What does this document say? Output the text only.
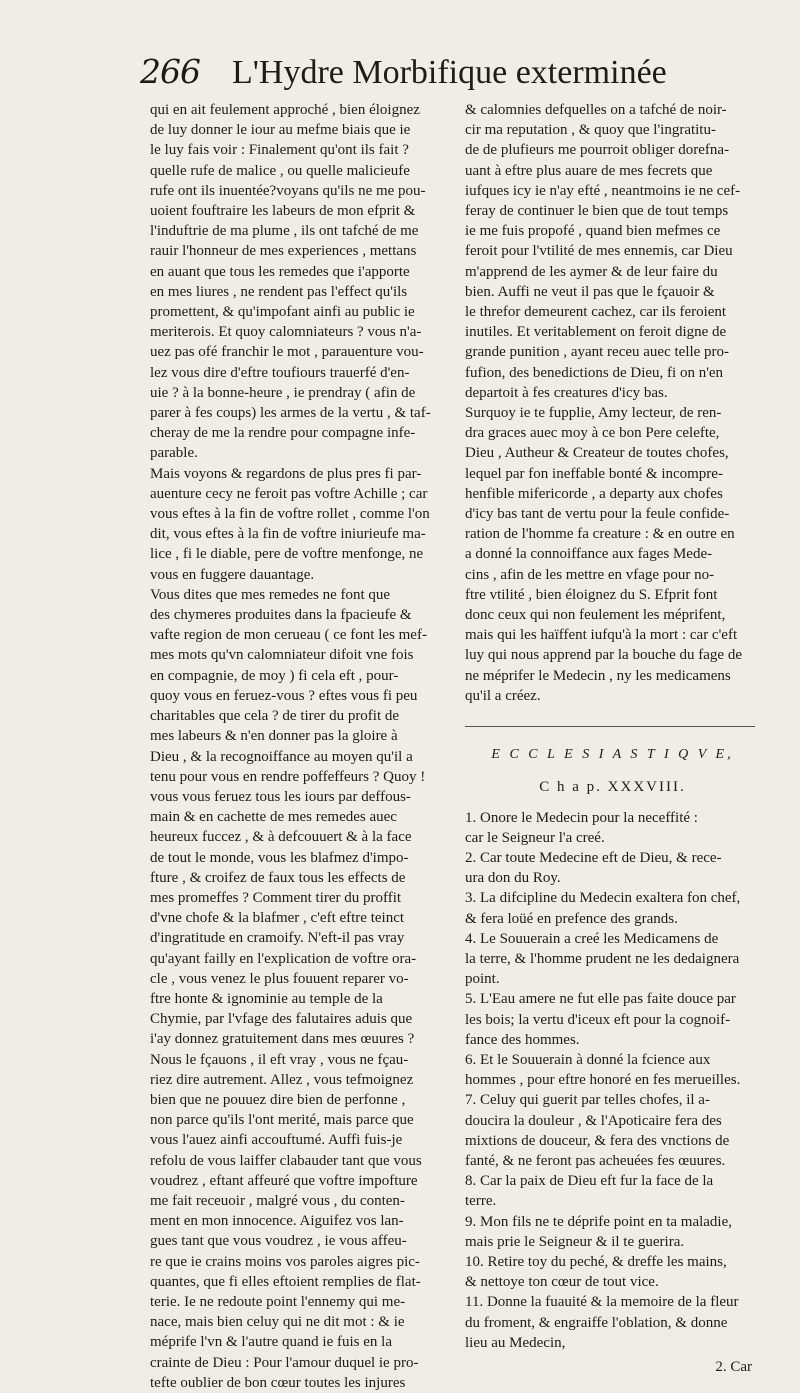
266 L'Hydre Morbifique exterminée
qui en ait feulement approché , bien éloignez
de luy donner le iour au mefme biais que ie
le luy fais voir : Finalement qu'ont ils fait ?
quelle rufe de malice , ou quelle malicieufe
rufe ont ils inuentée?voyans qu'ils ne me pou-
uoient fouftraire les labeurs de mon efprit &
l'induftrie de ma plume , ils ont tafché de me
rauir l'honneur de mes experiences , mettans
en auant que tous les remedes que i'apporte
en mes liures , ne rendent pas l'effect qu'ils
promettent, & qu'impofant ainfi au public ie
meriterois. Et quoy calomniateurs ? vous n'a-
uez pas ofé franchir le mot , parauenture vou-
lez vous dire d'eftre toufiours trauerfé d'en-
uie ? à la bonne-heure , ie prendray ( afin de
parer à fes coups) les armes de la vertu , & taf-
cheray de me la rendre pour compagne infe-
parable.
Mais voyons & regardons de plus pres fi par-
auenture cecy ne feroit pas voftre Achille ; car
vous eftes à la fin de voftre rollet , comme l'on
dit, vous eftes à la fin de voftre iniurieufe ma-
lice , fi le diable, pere de voftre menfonge, ne
vous en fuggere dauantage.
Vous dites que mes remedes ne font que
des chymeres produites dans la fpacieufe &
vafte region de mon cerueau ( ce font les mef-
mes mots qu'vn calomniateur difoit vne fois
en compagnie, de moy ) fi cela eft , pour-
quoy vous en feruez-vous ? eftes vous fi peu
charitables que cela ? de tirer du profit de
mes labeurs & n'en donner pas la gloire à
Dieu , & la recognoiffance au moyen qu'il a
tenu pour vous en rendre poffeffeurs ? Quoy !
vous vous feruez tous les iours par deffous-
main & en cachette de mes remedes auec
heureux fuccez , & à defcouuert & à la face
de tout le monde, vous les blafmez d'impo-
fture , & croifez de faux tous les effects de
mes promeffes ? Comment tirer du proffit
d'vne chofe & la blafmer , c'eft eftre teinct
d'ingratitude en cramoify. N'eft-il pas vray
qu'ayant failly en l'explication de voftre ora-
cle , vous venez le plus fouuent reparer vo-
ftre honte & ignominie au temple de la
Chymie, par l'vfage des falutaires aduis que
i'ay donnez gratuitement dans mes œuures ?
Nous le fçauons , il eft vray , vous ne fçau-
riez dire autrement. Allez , vous tefmoignez
bien que ne pouuez dire bien de perfonne ,
non parce qu'ils l'ont merité, mais parce que
vous l'auez ainfi accouftumé. Auffi fuis-je
refolu de vous laiffer clabauder tant que vous
voudrez , eftant affeuré que voftre impofture
me fait receuoir , malgré vous , du conten-
ment en mon innocence. Aiguifez vos lan-
gues tant que vous voudrez , ie vous affeu-
re que ie crains moins vos paroles aigres pic-
quantes, que fi elles eftoient remplies de flat-
terie. Ie ne redoute point l'ennemy qui me-
nace, mais bien celuy qui ne dit mot : & ie
méprife l'vn & l'autre quand ie fuis en la
crainte de Dieu : Pour l'amour duquel ie pro-
tefte oublier de bon cœur toutes les injures
& calomnies defquelles on a tafché de noir-
cir ma reputation , & quoy que l'ingratitu-
de de plufieurs me pourroit obliger dorefna-
uant à eftre plus auare de mes fecrets que
iufques icy ie n'ay efté , neantmoins ie ne cef-
feray de continuer le bien que de tout temps
ie me fuis propofé , quand bien mefmes ce
feroit pour l'vtilité de mes ennemis, car Dieu
m'apprend de les aymer & de leur faire du
bien. Auffi ne veut il pas que le fçauoir &
le threfor demeurent cachez, car ils feroient
inutiles. Et veritablement on feroit digne de
grande punition , ayant receu auec telle pro-
fufion, des benedictions de Dieu, fi on n'en
departoit à fes creatures d'icy bas.
Surquoy ie te fupplie, Amy lecteur, de ren-
dra graces auec moy à ce bon Pere celefte,
Dieu , Autheur & Createur de toutes chofes,
lequel par fon ineffable bonté & incompre-
henfible mifericorde , a departy aux chofes
d'icy bas tant de vertu pour la feule confide-
ration de l'homme fa creature : & en outre en
a donné la connoiffance aux fages Mede-
cins , afin de les mettre en vfage pour no-
ftre vtilité , bien éloignez du S. Efprit font
donc ceux qui non feulement les méprifent,
mais qui les haïffent iufqu'à la mort : car c'eft
luy qui nous apprend par la bouche du fage de
ne méprifer le Medecin , ny les medicamens
qu'il a créez.
E C C L E S I A S T I Q V E,
C h a p. XXXVIII.
1. Onore le Medecin pour la neceffité :
car le Seigneur l'a creé.
2. Car toute Medecine eft de Dieu, & rece-
ura don du Roy.
3. La difcipline du Medecin exaltera fon chef,
& fera loüé en prefence des grands.
4. Le Souuerain a creé les Medicamens de
la terre, & l'homme prudent ne les dedaignera
point.
5. L'Eau amere ne fut elle pas faite douce par
les bois; la vertu d'iceux eft pour la cognoif-
fance des hommes.
6. Et le Souuerain à donné la fcience aux
hommes , pour eftre honoré en fes merueilles.
7. Celuy qui guerit par telles chofes, il a-
doucira la douleur , & l'Apoticaire fera des
mixtions de douceur, & fera des vnctions de
fanté, & ne feront pas acheuées fes œuures.
8. Car la paix de Dieu eft fur la face de la
terre.
9. Mon fils ne te déprife point en ta maladie,
mais prie le Seigneur & il te guerira.
10. Retire toy du peché, & dreffe les mains,
& nettoye ton cœur de tout vice.
11. Donne la fuauité & la memoire de la fleur
du froment, & engraiffe l'oblation, & donne
lieu au Medecin,
2. Car
